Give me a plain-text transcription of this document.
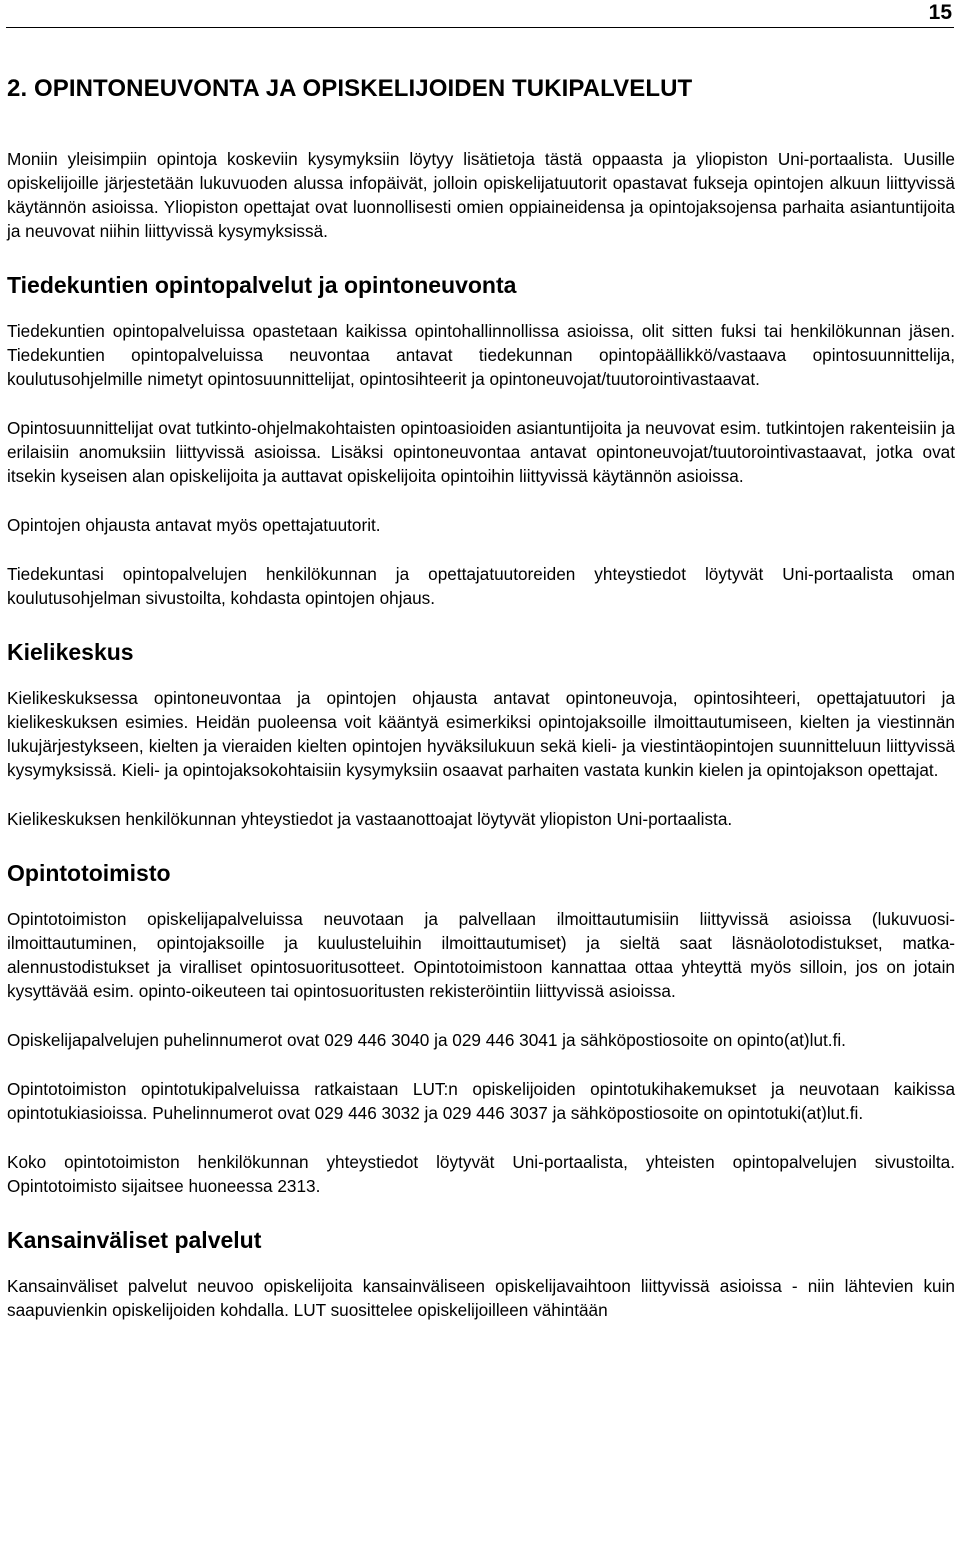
15
2. OPINTONEUVONTA JA OPISKELIJOIDEN TUKIPALVELUT

Moniin yleisimpiin opintoja koskeviin kysymyksiin löytyy lisätietoja tästä oppaasta ja yliopiston Uni-portaalista. Uusille opiskelijoille järjestetään lukuvuoden alussa infopäivät, jolloin opiskelijatuutorit opastavat fukseja opintojen alkuun liittyvissä käytännön asioissa. Yliopiston opettajat ovat luonnollisesti omien oppiaineidensa ja opintojaksojensa parhaita asiantuntijoita ja neuvovat niihin liittyvissä kysymyksissä.

Tiedekuntien opintopalvelut ja opintoneuvonta

Tiedekuntien opintopalveluissa opastetaan kaikissa opintohallinnollissa asioissa, olit sitten fuksi tai henkilökunnan jäsen. Tiedekuntien opintopalveluissa neuvontaa antavat tiedekunnan opintopäällikkö/vastaava opintosuunnittelija, koulutusohjelmille nimetyt opintosuunnittelijat, opintosihteerit ja opintoneuvojat/tuutorointivastaavat.

Opintosuunnittelijat ovat tutkinto-ohjelmakohtaisten opintoasioiden asiantuntijoita ja neuvovat esim. tutkintojen rakenteisiin ja erilaisiin anomuksiin liittyvissä asioissa. Lisäksi opintoneuvontaa antavat opintoneuvojat/tuutorointivastaavat, jotka ovat itsekin kyseisen alan opiskelijoita ja auttavat opiskelijoita opintoihin liittyvissä käytännön asioissa.

Opintojen ohjausta antavat myös opettajatuutorit.

Tiedekuntasi opintopalvelujen henkilökunnan ja opettajatuutoreiden yhteystiedot löytyvät Uni-portaalista oman koulutusohjelman sivustoilta, kohdasta opintojen ohjaus.

Kielikeskus

Kielikeskuksessa opintoneuvontaa ja opintojen ohjausta antavat opintoneuvoja, opintosihteeri, opettajatuutori ja kielikeskuksen esimies. Heidän puoleensa voit kääntyä esimerkiksi opintojaksoille ilmoittautumiseen, kielten ja viestinnän lukujärjestykseen, kielten ja vieraiden kielten opintojen hyväksilukuun sekä kieli- ja viestintäopintojen suunnitteluun liittyvissä kysymyksissä. Kieli- ja opintojaksokohtaisiin kysymyksiin osaavat parhaiten vastata kunkin kielen ja opintojakson opettajat.

Kielikeskuksen henkilökunnan yhteystiedot ja vastaanottoajat löytyvät yliopiston Uni-portaalista.

Opintotoimisto

Opintotoimiston opiskelijapalveluissa neuvotaan ja palvellaan ilmoittautumisiin liittyvissä asioissa (lukuvuosi-ilmoittautuminen, opintojaksoille ja kuulusteluihin ilmoittautumiset) ja sieltä saat läsnäolotodistukset, matka-alennustodistukset ja viralliset opintosuoritusotteet. Opintotoimistoon kannattaa ottaa yhteyttä myös silloin, jos on jotain kysyttävää esim. opinto-oikeuteen tai opintosuoritusten rekisteröintiin liittyvissä asioissa.

Opiskelijapalvelujen puhelinnumerot ovat 029 446 3040 ja 029 446 3041 ja sähköpostiosoite on opinto(at)lut.fi.

Opintotoimiston opintotukipalveluissa ratkaistaan LUT:n opiskelijoiden opintotukihakemukset ja neuvotaan kaikissa opintotukiasioissa. Puhelinnumerot ovat 029 446 3032 ja 029 446 3037 ja sähköpostiosoite on opintotuki(at)lut.fi.

Koko opintotoimiston henkilökunnan yhteystiedot löytyvät Uni-portaalista, yhteisten opintopalvelujen sivustoilta. Opintotoimisto sijaitsee huoneessa 2313.

Kansainväliset palvelut

Kansainväliset palvelut neuvoo opiskelijoita kansainväliseen opiskelijavaihtoon liittyvissä asioissa - niin lähtevien kuin saapuvienkin opiskelijoiden kohdalla. LUT suosittelee opiskelijoilleen vähintään
